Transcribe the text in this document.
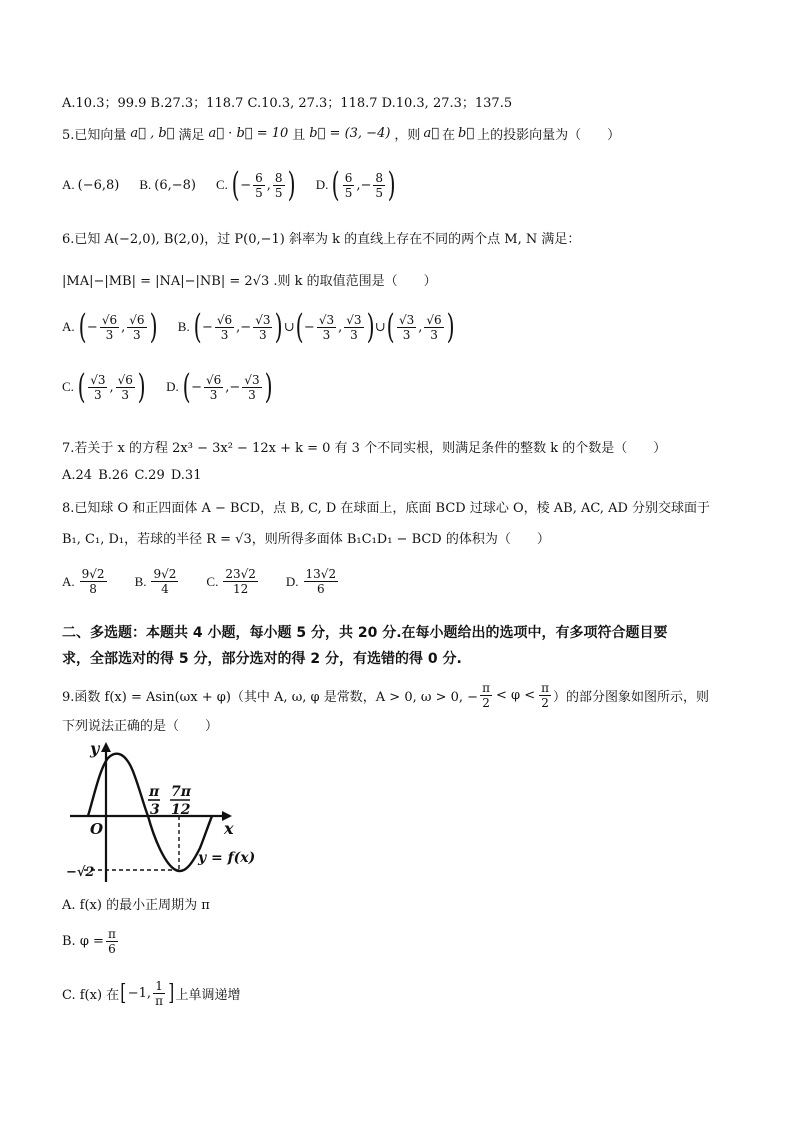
A.10.3；99.9 B.27.3；118.7 C.10.3, 27.3；118.7 D.10.3, 27.3；137.5
5.已知向量 a⃗ , b⃗ 满足 a⃗ · b⃗ = 10 且 b⃗ = (3, −4) ，则 a⃗ 在 b⃗ 上的投影向量为（　　）
A. (−6,8) B. (6,−8) C. ( − $\frac{6}{5}$ , $\frac{8}{5}$ ) D. ( $\frac{6}{5}$ , − $\frac{8}{5}$ )
6.已知 A(−2,0), B(2,0)，过 P(0,−1) 斜率为 k 的直线上存在不同的两个点 M, N 满足：
|MA|−|MB| = |NA|−|NB| = 2√3 .则 k 的取值范围是（　　）
A. ( − $\frac{√6}{3}$ , $\frac{√6}{3}$ ) B. ( − $\frac{√6}{3}$ , − $\frac{√3}{3}$ ) ∪ ( − $\frac{√3}{3}$ , $\frac{√3}{3}$ ) ∪ ( $\frac{√3}{3}$ , $\frac{√6}{3}$ )
C. ( $\frac{√3}{3}$ , $\frac{√6}{3}$ ) D. ( − $\frac{√6}{3}$ , − $\frac{√3}{3}$ )
7.若关于 x 的方程 2x³ − 3x² − 12x + k = 0 有 3 个不同实根，则满足条件的整数 k 的个数是（　　）
A.24 B.26 C.29 D.31
8.已知球 O 和正四面体 A − BCD，点 B, C, D 在球面上，底面 BCD 过球心 O，棱 AB, AC, AD 分别交球面于
B₁, C₁, D₁，若球的半径 R = √3，则所得多面体 B₁C₁D₁ − BCD 的体积为（　　）
A. $\frac{9√2}{8} B$. $\frac{9√2}{4} C$. $\frac{23√2}{12} D$. $\frac{13√2}{6}$
二、多选题：本题共 4 小题，每小题 5 分，共 20 分.在每小题给出的选项中，有多项符合题目要
求，全部选对的得 5 分，部分选对的得 2 分，有选错的得 0 分.
9.函数 f(x) = Asin(ωx + φ)（其中 A, ω, φ 是常数，A > 0, ω > 0, − $\frac{\pi}{2} < \varphi < \frac{\pi}{2}$ ）的部分图象如图所示，则
下列说法正确的是（　　）
y
x
O
π
3
7π
12
−√2
y = f(x)
A. f(x) 的最小正周期为 π
B. $\varphi = \frac{\pi}{6}$
C. f(x) 在 [ −1, $\frac{1}{\pi}$ ] 上单调递增
